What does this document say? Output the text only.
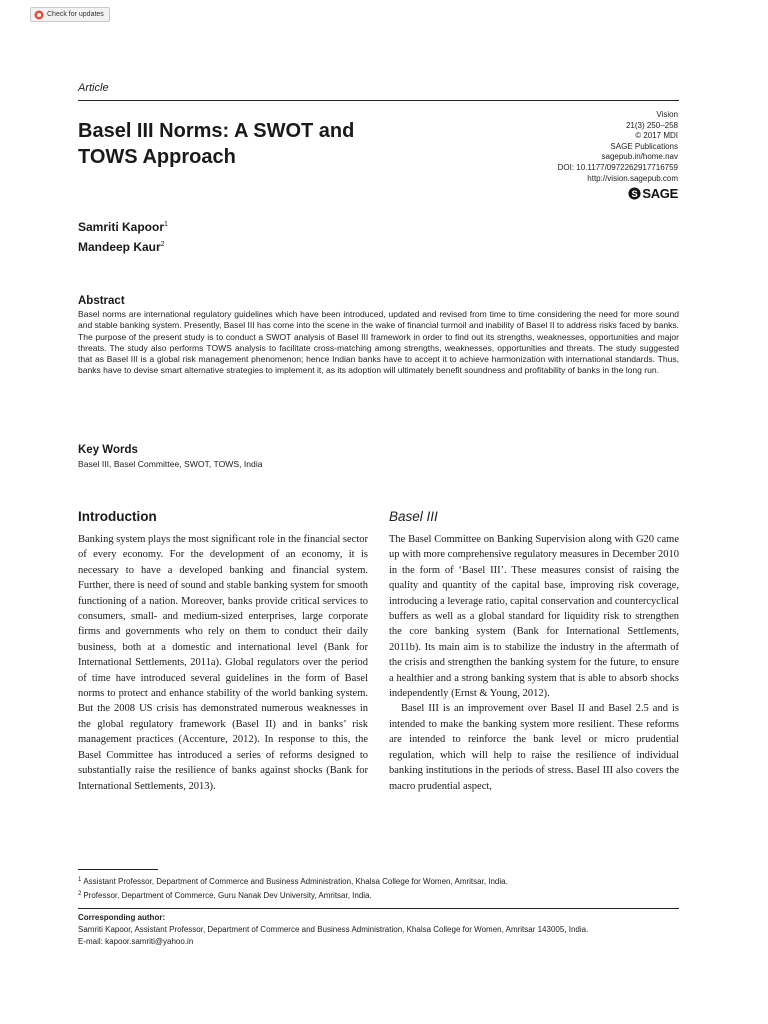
Check for updates
Article
Basel III Norms: A SWOT and
TOWS Approach
Vision
21(3) 250–258
© 2017 MDI
SAGE Publications
sagepub.in/home.nav
DOI: 10.1177/0972262917716759
http://vision.sagepub.com
S SAGE
Samriti Kapoor$^1$
Mandeep Kaur$^2$
Abstract
Basel norms are international regulatory guidelines which have been introduced, updated and revised from time to time considering the need for more sound and stable banking system. Presently, Basel III has come into the scene in the wake of financial turmoil and inability of Basel II to address risks faced by banks. The purpose of the present study is to conduct a SWOT analysis of Basel III framework in order to find out its strengths, weaknesses, opportunities and major threats. The study also performs TOWS analysis to facilitate cross-matching among strengths, weaknesses, opportunities and threats. The study suggested that as Basel III is a global risk management phenomenon; hence Indian banks have to accept it to achieve harmonization with international standards. Thus, banks have to devise smart alternative strategies to implement it, as its adoption will ultimately benefit soundness and profitability of banks in the long run.
Key Words
Basel III, Basel Committee, SWOT, TOWS, India
Introduction	Basel III

Banking system plays the most significant role in the financial sector of every economy. For the development of an economy, it is necessary to have a developed banking and financial system. Further, there is need of sound and stable banking system for smooth functioning of a nation. Moreover, banks provide critical services to consumers, small- and medium-sized enterprises, large corporate firms and governments who rely on them to conduct their daily business, both at a domestic and international level (Bank for International Settlements, 2011a). Global regulators over the period of time have introduced several guidelines in the form of Basel norms to protect and enhance stability of the world banking system. But the 2008 US crisis has demonstrated numerous weaknesses in the global regulatory framework (Basel II) and in banks’ risk management practices (Accenture, 2012). In response to this, the Basel Committee has introduced a series of reforms designed to substantially raise the resilience of banks against shocks (Bank for International Settlements, 2013).

The Basel Committee on Banking Supervision along with G20 came up with more comprehensive regulatory measures in December 2010 in the form of ‘Basel III’. These measures consist of raising the quality and quantity of the capital base, improving risk coverage, introducing a leverage ratio, capital conservation and countercyclical buffers as well as a global standard for liquidity risk to strengthen the core banking system (Bank for International Settlements, 2011b). Its main aim is to stabilize the industry in the aftermath of the crisis and strengthen the banking system for the future, to ensure a healthier and a strong banking system that is able to absorb shocks independently (Ernst & Young, 2012).

Basel III is an improvement over Basel II and Basel 2.5 and is intended to make the banking system more resilient. These reforms are intended to reinforce the bank level or micro prudential regulation, which will help to raise the resilience of individual banking institutions in the periods of stress. Basel III also covers the macro prudential aspect,

$^1$ Assistant Professor, Department of Commerce and Business Administration, Khalsa College for Women, Amritsar, India.
$^2$ Professor, Department of Commerce, Guru Nanak Dev University, Amritsar, India.
Corresponding author:
Samriti Kapoor, Assistant Professor, Department of Commerce and Business Administration, Khalsa College for Women, Amritsar 143005, India.
E-mail: kapoor.samriti@yahoo.in
